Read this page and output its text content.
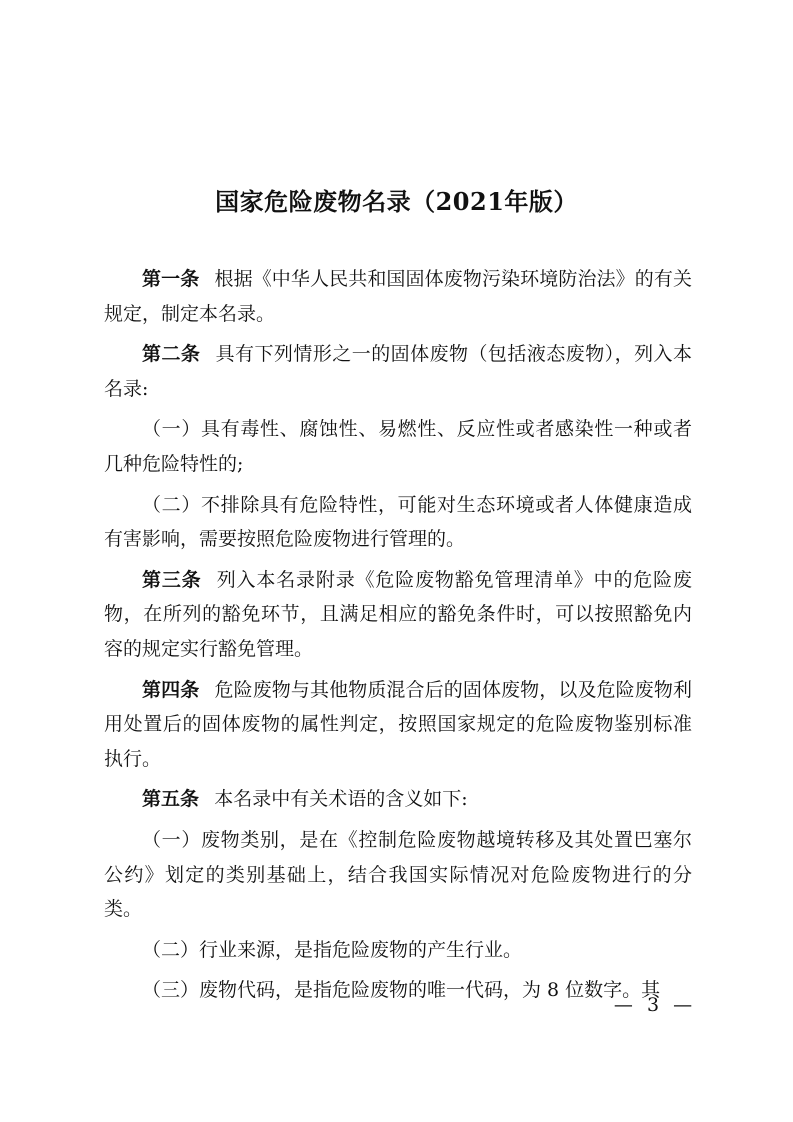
国家危险废物名录（2021年版）

第一条 根据《中华人民共和国固体废物污染环境防治法》的有关规定，制定本名录。

第二条 具有下列情形之一的固体废物（包括液态废物），列入本名录:

（一）具有毒性、腐蚀性、易燃性、反应性或者感染性一种或者几种危险特性的;

（二）不排除具有危险特性，可能对生态环境或者人体健康造成有害影响，需要按照危险废物进行管理的。

第三条 列入本名录附录《危险废物豁免管理清单》中的危险废物，在所列的豁免环节，且满足相应的豁免条件时，可以按照豁免内容的规定实行豁免管理。

第四条 危险废物与其他物质混合后的固体废物，以及危险废物利用处置后的固体废物的属性判定，按照国家规定的危险废物鉴别标准执行。

第五条 本名录中有关术语的含义如下:

（一）废物类别，是在《控制危险废物越境转移及其处置巴塞尔公约》划定的类别基础上，结合我国实际情况对危险废物进行的分类。

（二）行业来源，是指危险废物的产生行业。

（三）废物代码，是指危险废物的唯一代码，为 8 位数字。其

— 3 —
